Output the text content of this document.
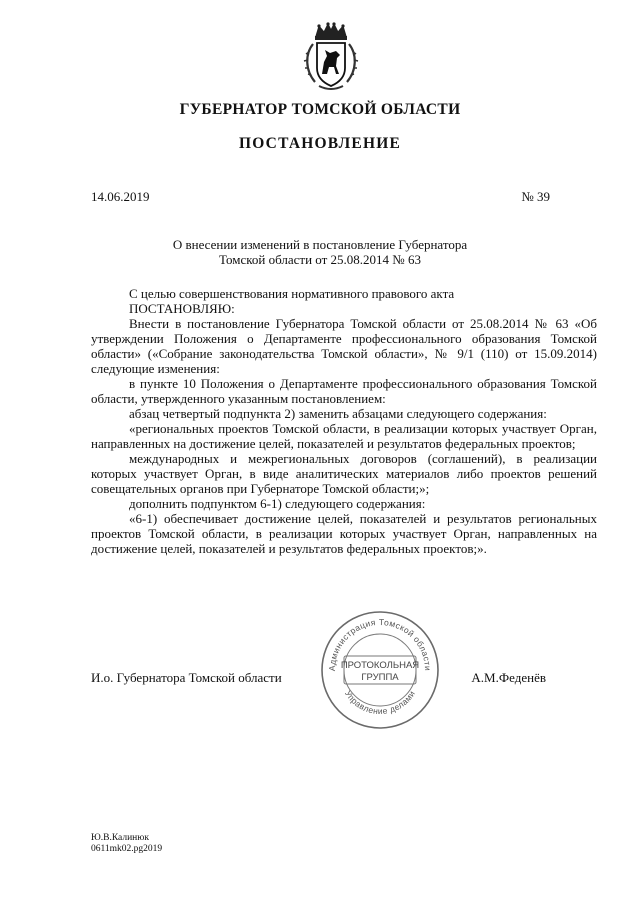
ГУБЕРНАТОР ТОМСКОЙ ОБЛАСТИ
ПОСТАНОВЛЕНИЕ
14.06.2019	№ 39
О внесении изменений в постановление Губернатора
Томской области от 25.08.2014 № 63

С целью совершенствования нормативного правового акта

ПОСТАНОВЛЯЮ:

Внести в постановление Губернатора Томской области от 25.08.2014 № 63 «Об утверждении Положения о Департаменте профессионального образования Томской области» («Собрание законодательства Томской области», № 9/1 (110) от 15.09.2014) следующие изменения:

в пункте 10 Положения о Департаменте профессионального образования Томской области, утвержденного указанным постановлением:

абзац четвертый подпункта 2) заменить абзацами следующего содержания:

«региональных проектов Томской области, в реализации которых участвует Орган, направленных на достижение целей, показателей и результатов федеральных проектов;

международных и межрегиональных договоров (соглашений), в реализации которых участвует Орган, в виде аналитических материалов либо проектов решений совещательных органов при Губернаторе Томской области;»;

дополнить подпунктом 6-1) следующего содержания:

«6-1) обеспечивает достижение целей, показателей и результатов региональных проектов Томской области, в реализации которых участвует Орган, направленных на достижение целей, показателей и результатов федеральных проектов;».

И.о. Губернатора Томской области	А.М.Феденёв
Администрация Томской области
Управление делами
ПРОТОКОЛЬНАЯ
ГРУППА
Ю.В.Калинюк
0611mk02.pg2019
